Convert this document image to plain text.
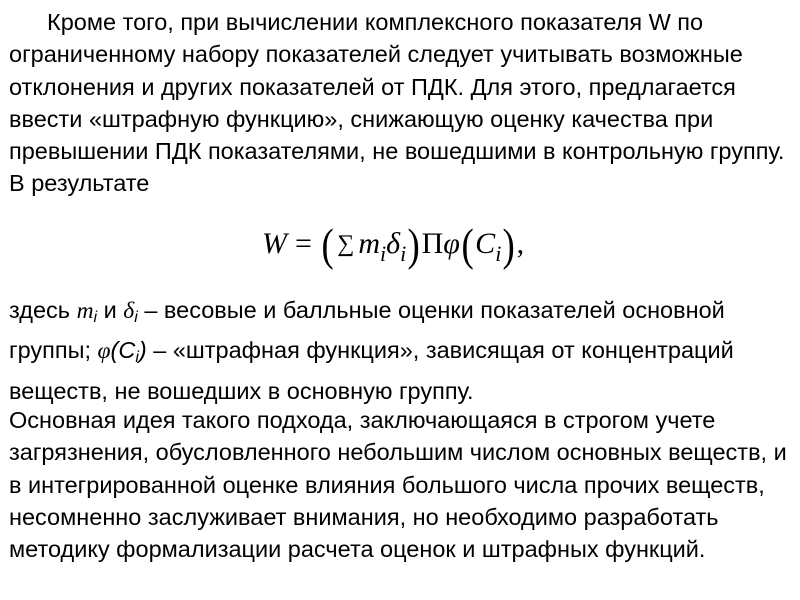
Кроме того, при вычислении комплексного показателя W по ограниченному набору показателей следует учитывать возможные отклонения и других показателей от ПДК. Для этого, предлагается ввести «штрафную функцию», снижающую оценку качества при превышении ПДК показателями, не вошедшими в контрольную группу. В результате

W = ( ∑ m i δ i ) Π φ ( C i ) ,

здесь mi и δi – весовые и балльные оценки показателей основной группы; φ(Ci) – «штрафная функция», зависящая от концентраций веществ, не вошедших в основную группу.

Основная идея такого подхода, заключающаяся в строгом учете загрязнения, обусловленного небольшим числом основных веществ, и в интегрированной оценке влияния большого числа прочих веществ, несомненно заслуживает внимания, но необходимо разработать методику формализации расчета оценок и штрафных функций.
